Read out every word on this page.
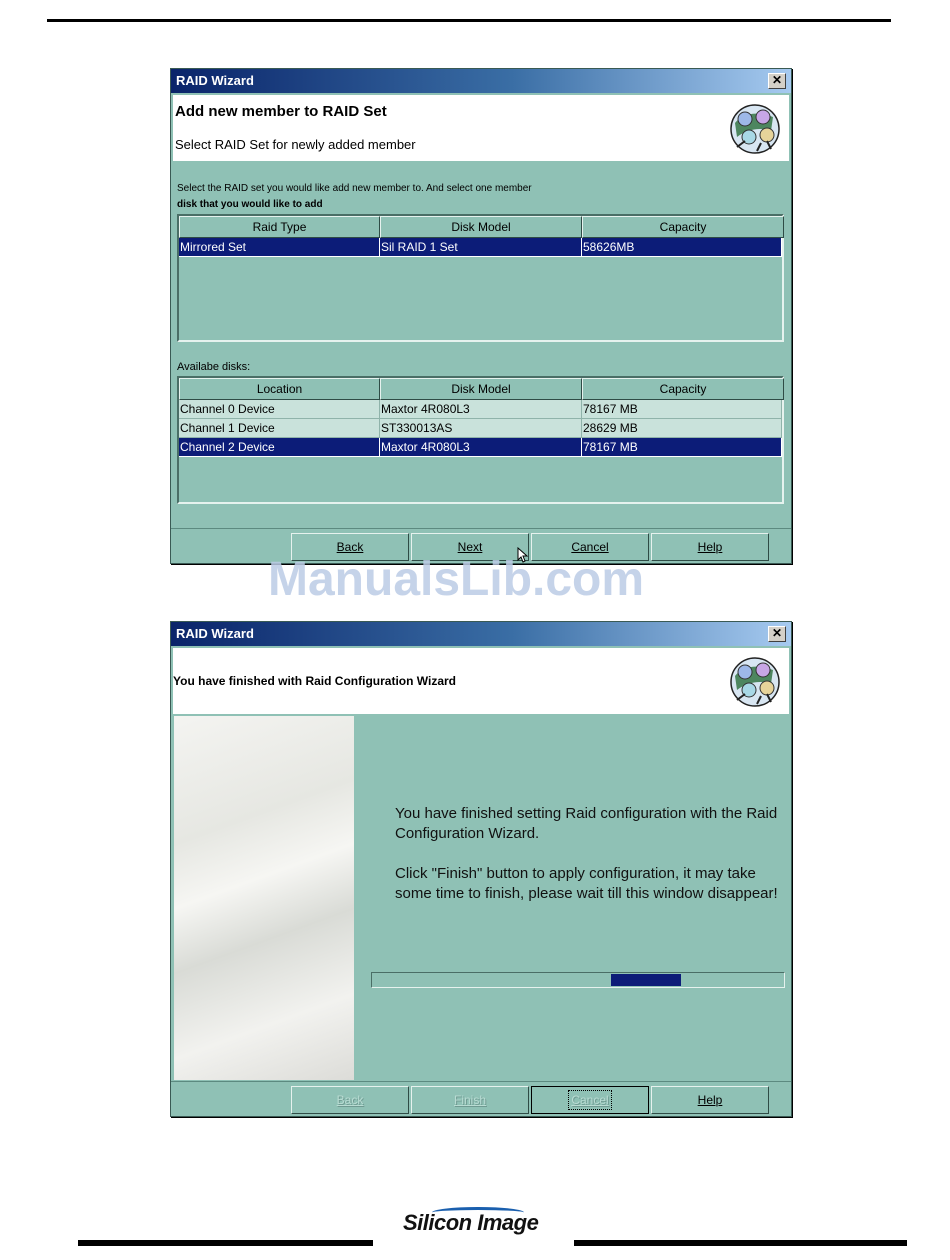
RAID Wizard	✕
Add new member to RAID Set
Select RAID Set for newly added member
Select the RAID set you would like add new member to. And select one member
disk that you would like to add
Raid Type	Disk Model	Capacity
Mirrored Set	Sil RAID 1 Set	58626MB
Availabe disks:
Location	Disk Model	Capacity
Channel 0 Device	Maxtor 4R080L3	78167 MB
Channel 1 Device	ST330013AS	28629 MB
Channel 2 Device	Maxtor 4R080L3	78167 MB
Back	Next	Cancel	Help
ManualsLib.com
RAID Wizard	✕
You have finished with Raid Configuration Wizard

You have finished setting Raid configuration with the Raid Configuration Wizard.

Click "Finish" button to apply configuration, it may take some time to finish, please wait till this window disappear!

Back	Finish	Cancel	Help
Silicon Image
